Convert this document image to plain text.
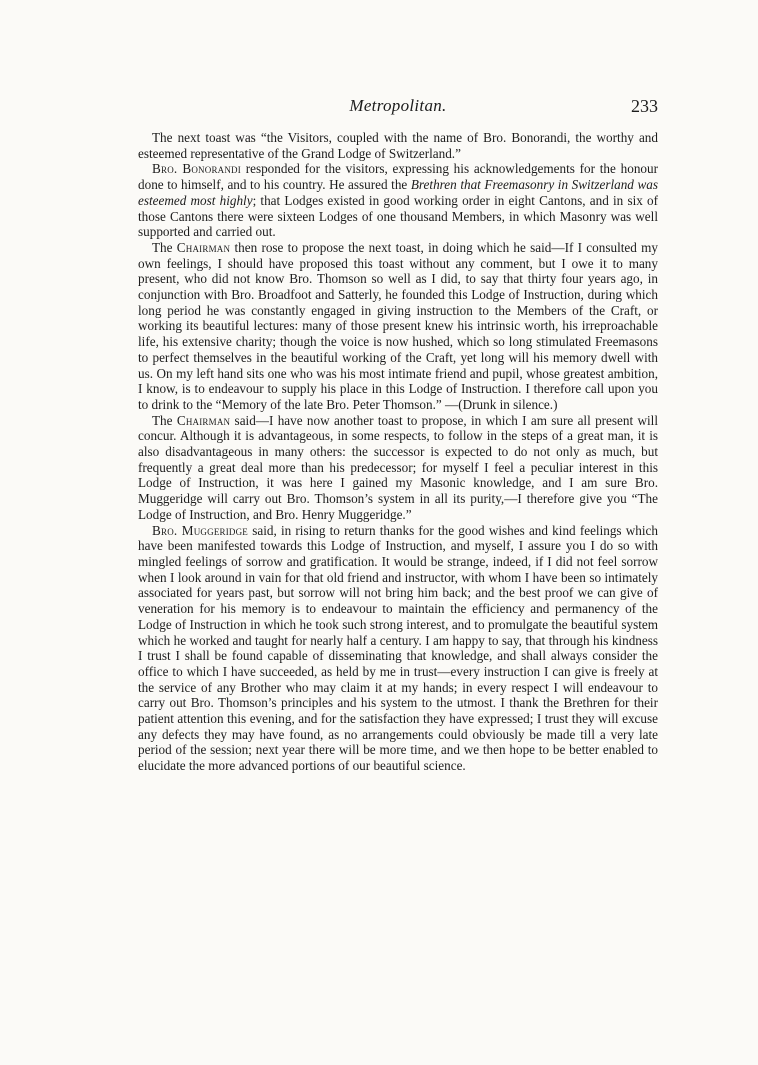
Metropolitan.	233

The next toast was “the Visitors, coupled with the name of Bro. Bonorandi, the worthy and esteemed representative of the Grand Lodge of Switzerland.”

Bro. Bonorandi responded for the visitors, expressing his acknowledgements for the honour done to himself, and to his country. He assured the Brethren that Freemasonry in Switzerland was esteemed most highly; that Lodges existed in good working order in eight Cantons, and in six of those Cantons there were sixteen Lodges of one thousand Members, in which Masonry was well supported and carried out.

The Chairman then rose to propose the next toast, in doing which he said—If I consulted my own feelings, I should have proposed this toast without any comment, but I owe it to many present, who did not know Bro. Thomson so well as I did, to say that thirty four years ago, in conjunction with Bro. Broadfoot and Satterly, he founded this Lodge of Instruction, during which long period he was constantly engaged in giving instruction to the Members of the Craft, or working its beautiful lectures: many of those present knew his intrinsic worth, his irreproachable life, his extensive charity; though the voice is now hushed, which so long stimulated Freemasons to perfect themselves in the beautiful working of the Craft, yet long will his memory dwell with us. On my left hand sits one who was his most intimate friend and pupil, whose greatest ambition, I know, is to endeavour to supply his place in this Lodge of Instruction. I therefore call upon you to drink to the “Memory of the late Bro. Peter Thomson.” —(Drunk in silence.)

The Chairman said—I have now another toast to propose, in which I am sure all present will concur. Although it is advantageous, in some respects, to follow in the steps of a great man, it is also disadvantageous in many others: the successor is expected to do not only as much, but frequently a great deal more than his predecessor; for myself I feel a peculiar interest in this Lodge of Instruction, it was here I gained my Masonic knowledge, and I am sure Bro. Muggeridge will carry out Bro. Thomson’s system in all its purity,—I therefore give you “The Lodge of Instruction, and Bro. Henry Muggeridge.”

Bro. Muggeridge said, in rising to return thanks for the good wishes and kind feelings which have been manifested towards this Lodge of Instruction, and myself, I assure you I do so with mingled feelings of sorrow and gratification. It would be strange, indeed, if I did not feel sorrow when I look around in vain for that old friend and instructor, with whom I have been so intimately associated for years past, but sorrow will not bring him back; and the best proof we can give of veneration for his memory is to endeavour to maintain the efficiency and permanency of the Lodge of Instruction in which he took such strong interest, and to promulgate the beautiful system which he worked and taught for nearly half a century. I am happy to say, that through his kindness I trust I shall be found capable of disseminating that knowledge, and shall always consider the office to which I have succeeded, as held by me in trust—every instruction I can give is freely at the service of any Brother who may claim it at my hands; in every respect I will endeavour to carry out Bro. Thomson’s principles and his system to the utmost. I thank the Brethren for their patient attention this evening, and for the satisfaction they have expressed; I trust they will excuse any defects they may have found, as no arrangements could obviously be made till a very late period of the session; next year there will be more time, and we then hope to be better enabled to elucidate the more advanced portions of our beautiful science.
